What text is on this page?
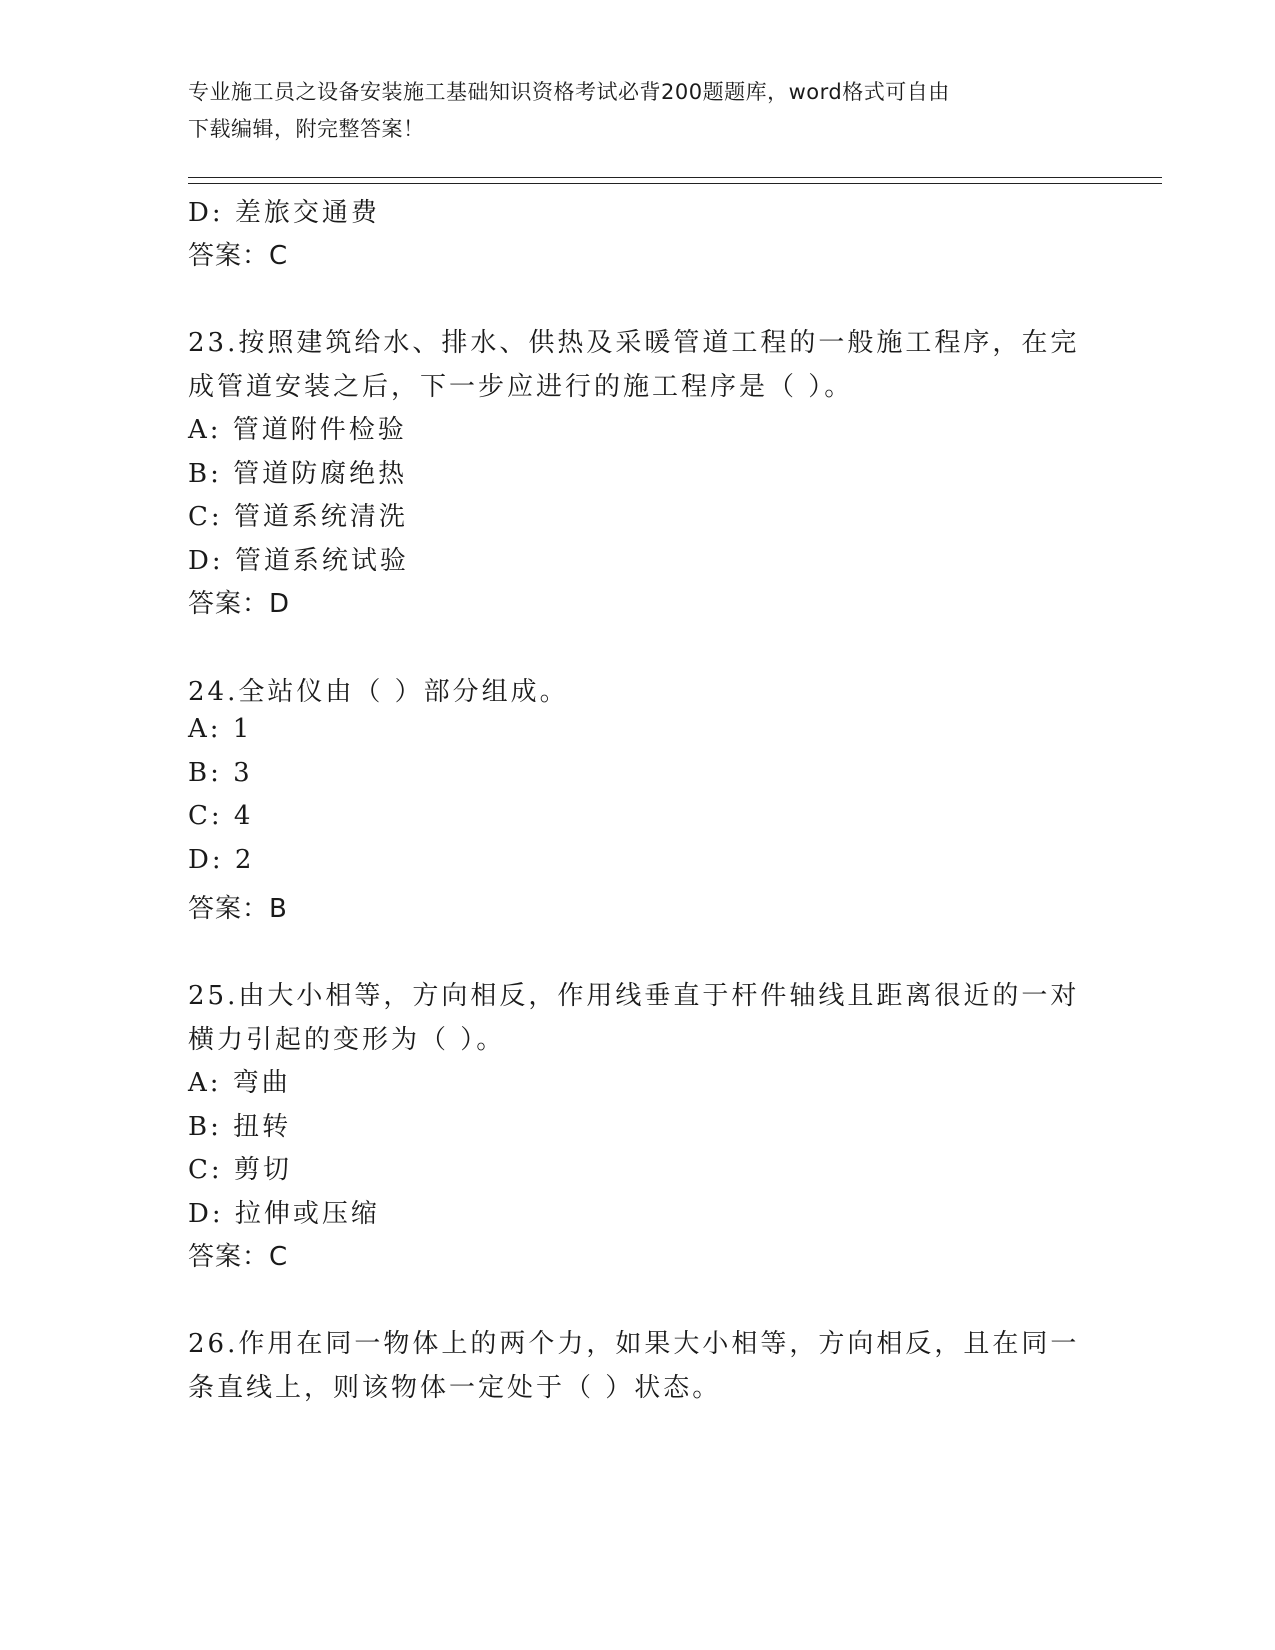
专业施工员之设备安装施工基础知识资格考试必背200题题库，word格式可自由
下载编辑，附完整答案！
D: 差旅交通费
答案：C
23.按照建筑给水、排水、供热及采暖管道工程的一般施工程序，在完
成管道安装之后，下一步应进行的施工程序是（ ）。
A: 管道附件检验
B: 管道防腐绝热
C: 管道系统清洗
D: 管道系统试验
答案：D
24.全站仪由（ ）部分组成。
A: 1
B: 3
C: 4
D: 2
答案：B
25.由大小相等，方向相反，作用线垂直于杆件轴线且距离很近的一对
横力引起的变形为（ ）。
A: 弯曲
B: 扭转
C: 剪切
D: 拉伸或压缩
答案：C
26.作用在同一物体上的两个力，如果大小相等，方向相反，且在同一
条直线上，则该物体一定处于（ ）状态。
